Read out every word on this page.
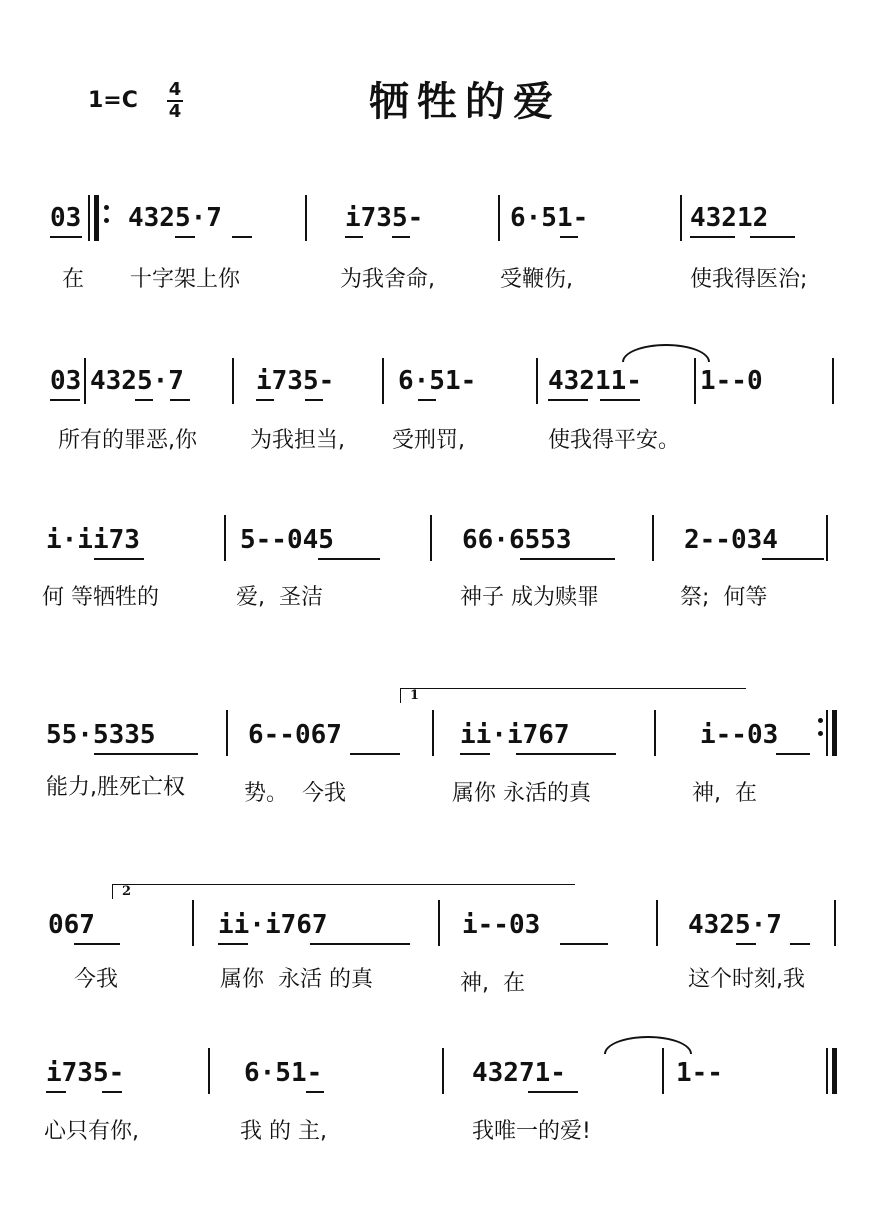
1=C 4
4	牺牲的爱
03 4325·7	i735-	6·51-	43212
在 十字架上你	为我舍命,	受鞭伤,	使我得医治;
03 4325·7	i735- 6·51-	43211- 1--0
所有的罪恶,你 为我担当, 受刑罚,	使我得平安。
i·ii73	5--045	66·6553	2--034
何 等牺牲的	爱,  圣洁	神子 成为赎罪	祭;  何等
1
55·5335	6--067	ii·i767	i--03
能力,胜死亡权	势。  今我	属你 永活的真	神,  在
2
067	ii·i767	i--03	4325·7
今我	属你  永活 的真	神,  在	这个时刻,我
i735-	6·51-	43271-	1--
心只有你,	我 的 主,	我唯一的爱!
